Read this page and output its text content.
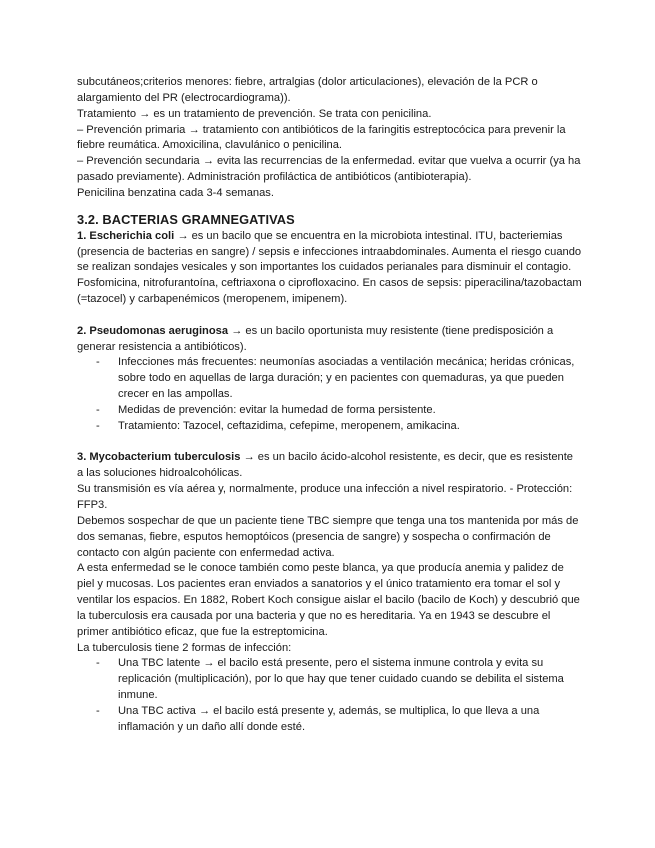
subcutáneos;criterios menores: fiebre, artralgias (dolor articulaciones), elevación de la PCR o alargamiento del PR (electrocardiograma)).

Tratamiento → es un tratamiento de prevención. Se trata con penicilina.

– Prevención primaria → tratamiento con antibióticos de la faringitis estreptocócica para prevenir la fiebre reumática. Amoxicilina, clavulánico o penicilina.

– Prevención secundaria → evita las recurrencias de la enfermedad. evitar que vuelva a ocurrir (ya ha pasado previamente). Administración profiláctica de antibióticos (antibioterapia).

Penicilina benzatina cada 3-4 semanas.

3.2. BACTERIAS GRAMNEGATIVAS

1. Escherichia coli → es un bacilo que se encuentra en la microbiota intestinal. ITU, bacteriemias (presencia de bacterias en sangre) / sepsis e infecciones intraabdominales. Aumenta el riesgo cuando se realizan sondajes vesicales y son importantes los cuidados perianales para disminuir el contagio. Fosfomicina, nitrofurantoína, ceftriaxona o ciprofloxacino. En casos de sepsis: piperacilina/tazobactam (=tazocel) y carbapenémicos (meropenem, imipenem).

2. Pseudomonas aeruginosa → es un bacilo oportunista muy resistente (tiene predisposición a generar resistencia a antibióticos).

- Infecciones más frecuentes: neumonías asociadas a ventilación mecánica; heridas crónicas, sobre todo en aquellas de larga duración; y en pacientes con quemaduras, ya que pueden crecer en las ampollas.
- Medidas de prevención: evitar la humedad de forma persistente.
- Tratamiento: Tazocel, ceftazidima, cefepime, meropenem, amikacina.

3. Mycobacterium tuberculosis → es un bacilo ácido-alcohol resistente, es decir, que es resistente a las soluciones hidroalcohólicas.

Su transmisión es vía aérea y, normalmente, produce una infección a nivel respiratorio. - Protección: FFP3.

Debemos sospechar de que un paciente tiene TBC siempre que tenga una tos mantenida por más de dos semanas, fiebre, esputos hemoptóicos (presencia de sangre) y sospecha o confirmación de contacto con algún paciente con enfermedad activa.

A esta enfermedad se le conoce también como peste blanca, ya que producía anemia y palidez de piel y mucosas. Los pacientes eran enviados a sanatorios y el único tratamiento era tomar el sol y ventilar los espacios. En 1882, Robert Koch consigue aislar el bacilo (bacilo de Koch) y descubrió que la tuberculosis era causada por una bacteria y que no es hereditaria. Ya en 1943 se descubre el primer antibiótico eficaz, que fue la estreptomicina.

La tuberculosis tiene 2 formas de infección:

- Una TBC latente → el bacilo está presente, pero el sistema inmune controla y evita su replicación (multiplicación), por lo que hay que tener cuidado cuando se debilita el sistema inmune.
- Una TBC activa → el bacilo está presente y, además, se multiplica, lo que lleva a una inflamación y un daño allí donde esté.
